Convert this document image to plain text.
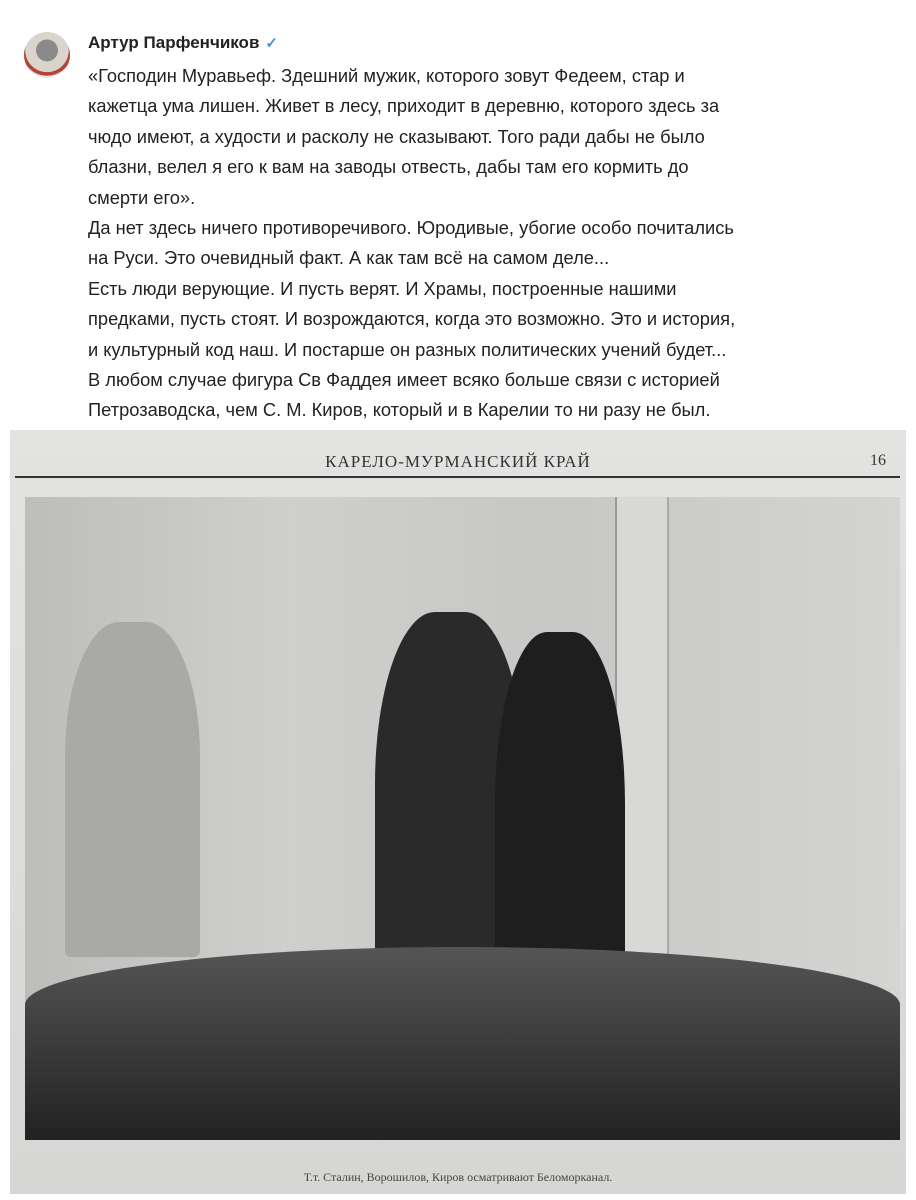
Артур Парфенчиков ✓
«Господин Муравьеф. Здешний мужик, которого зовут Федеем, стар и
кажетца ума лишен. Живет в лесу, приходит в деревню, которого здесь за
чюдо имеют, а худости и расколу не сказывают. Того ради дабы не было
блазни, велел я его к вам на заводы отвесть, дабы там его кормить до
смерти его».
Да нет здесь ничего противоречивого. Юродивые, убогие особо почитались
на Руси. Это очевидный факт. А как там всё на самом деле...
Есть люди верующие. И пусть верят. И Храмы, построенные нашими
предками, пусть стоят. И возрождаются, когда это возможно. Это и история,
и культурный код наш. И постарше он разных политических учений будет...
В любом случае фигура Св Фаддея имеет всяко больше связи с историей
Петрозаводска, чем С. М. Киров, который и в Карелии то ни разу не был.
КАРЕЛО-МУРМАНСКИЙ КРАЙ	16
Т.т. Сталин, Ворошилов, Киров осматривают Беломорканал.
